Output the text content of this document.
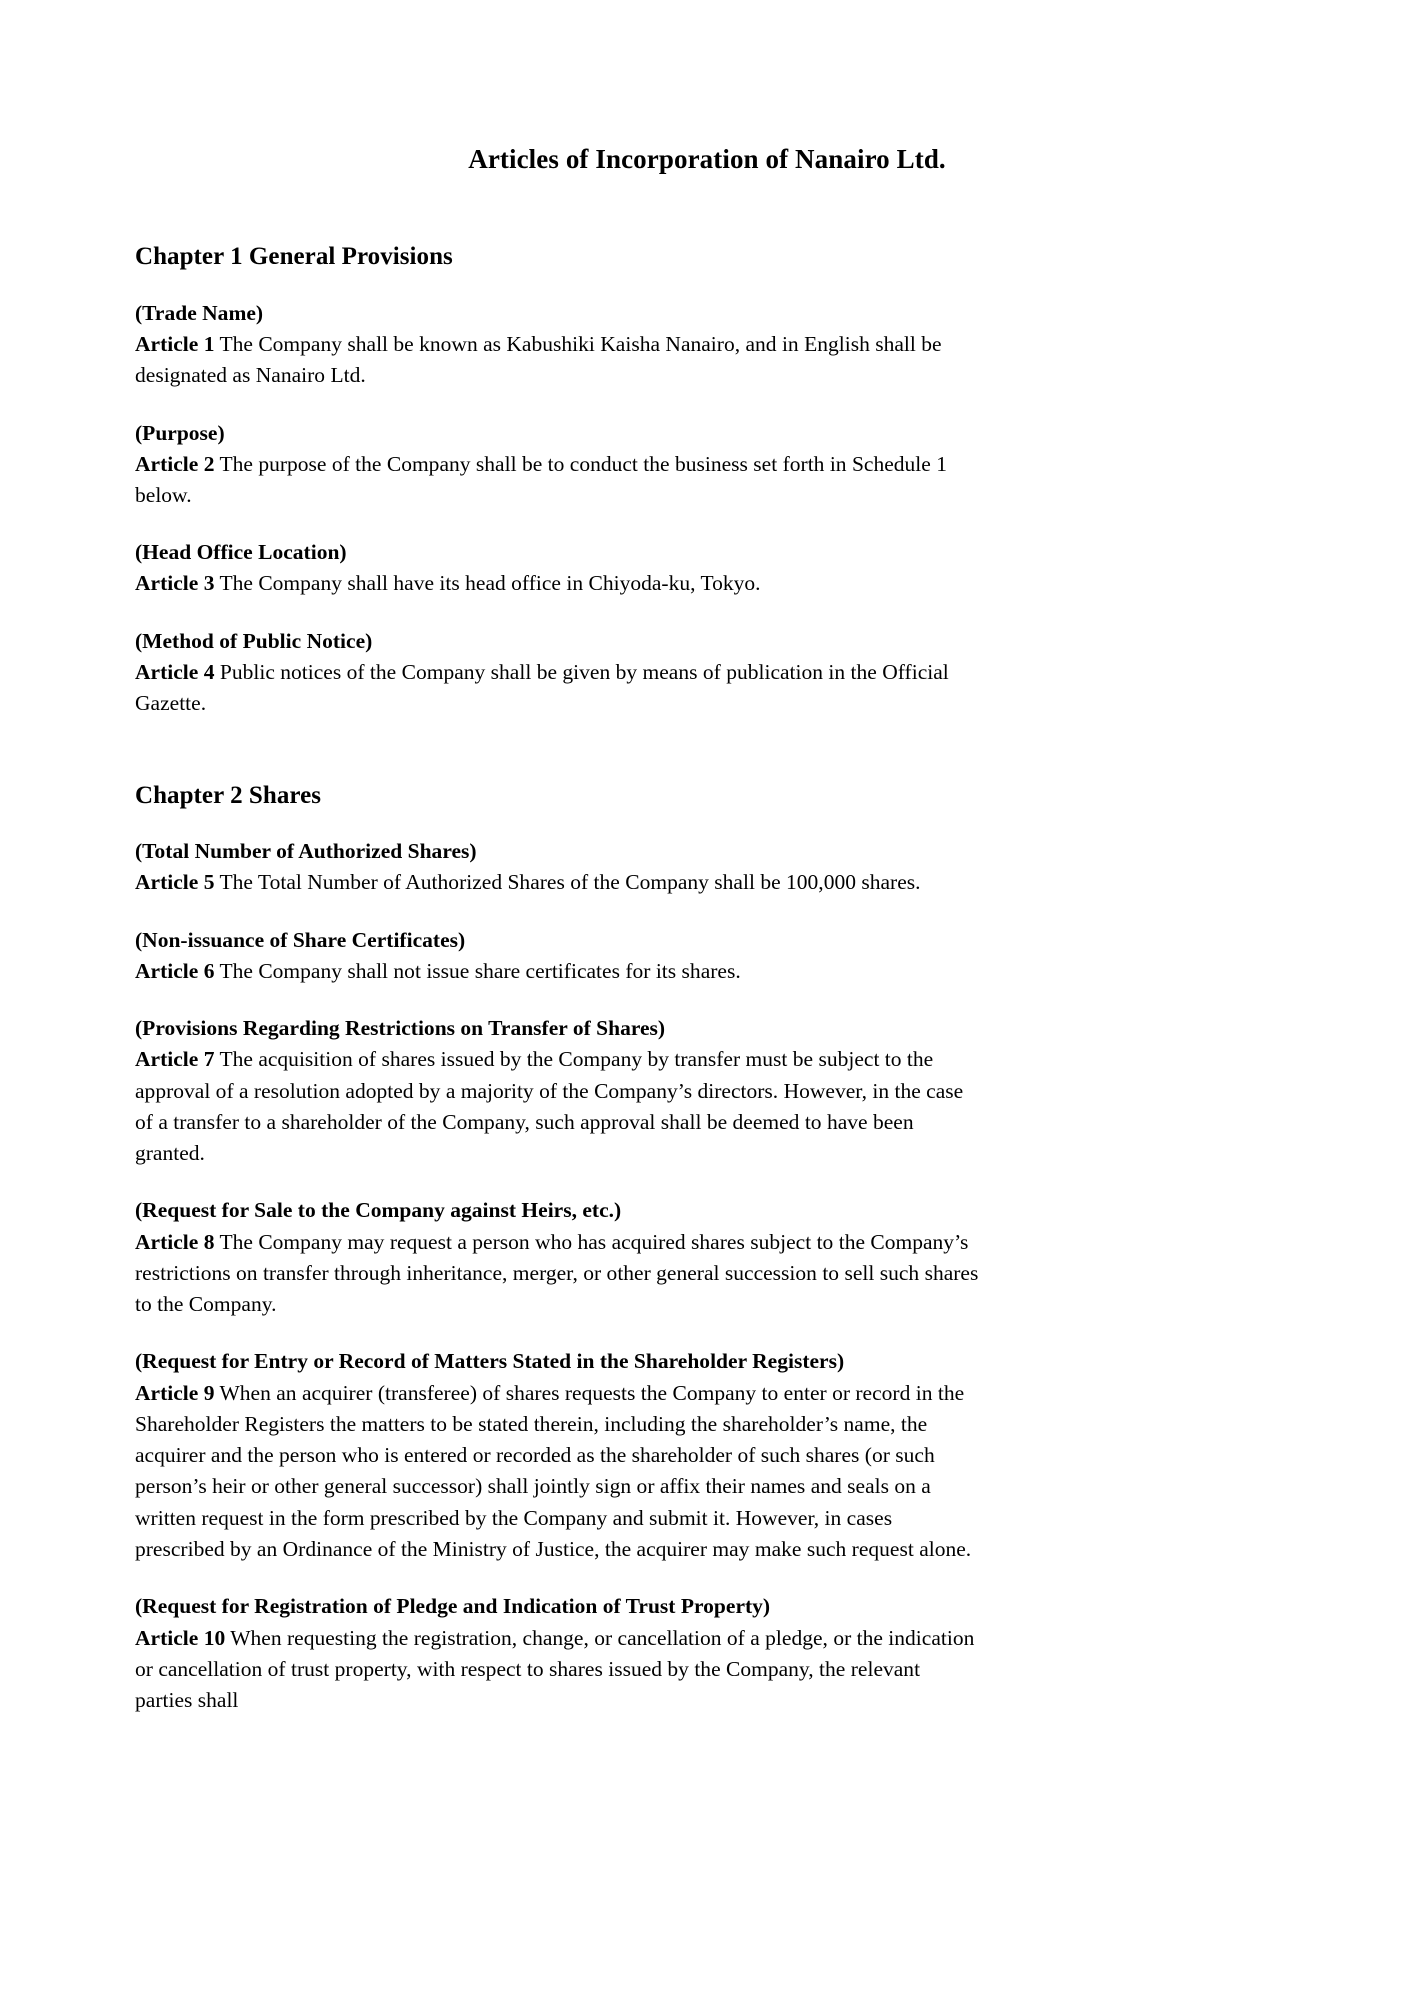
Articles of Incorporation of Nanairo Ltd.
Chapter 1 General Provisions
(Trade Name)

Article 1 The Company shall be known as Kabushiki Kaisha Nanairo, and in English shall be designated as Nanairo Ltd.

(Purpose)

Article 2 The purpose of the Company shall be to conduct the business set forth in Schedule 1 below.

(Head Office Location)

Article 3 The Company shall have its head office in Chiyoda-ku, Tokyo.

(Method of Public Notice)

Article 4 Public notices of the Company shall be given by means of publication in the Official Gazette.

Chapter 2 Shares
(Total Number of Authorized Shares)

Article 5 The Total Number of Authorized Shares of the Company shall be 100,000 shares.

(Non-issuance of Share Certificates)

Article 6 The Company shall not issue share certificates for its shares.

(Provisions Regarding Restrictions on Transfer of Shares)

Article 7 The acquisition of shares issued by the Company by transfer must be subject to the approval of a resolution adopted by a majority of the Company’s directors. However, in the case of a transfer to a shareholder of the Company, such approval shall be deemed to have been granted.

(Request for Sale to the Company against Heirs, etc.)

Article 8 The Company may request a person who has acquired shares subject to the Company’s restrictions on transfer through inheritance, merger, or other general succession to sell such shares to the Company.

(Request for Entry or Record of Matters Stated in the Shareholder Registers)

Article 9 When an acquirer (transferee) of shares requests the Company to enter or record in the Shareholder Registers the matters to be stated therein, including the shareholder’s name, the acquirer and the person who is entered or recorded as the shareholder of such shares (or such person’s heir or other general successor) shall jointly sign or affix their names and seals on a written request in the form prescribed by the Company and submit it. However, in cases prescribed by an Ordinance of the Ministry of Justice, the acquirer may make such request alone.

(Request for Registration of Pledge and Indication of Trust Property)

Article 10 When requesting the registration, change, or cancellation of a pledge, or the indication or cancellation of trust property, with respect to shares issued by the Company, the relevant parties shall
